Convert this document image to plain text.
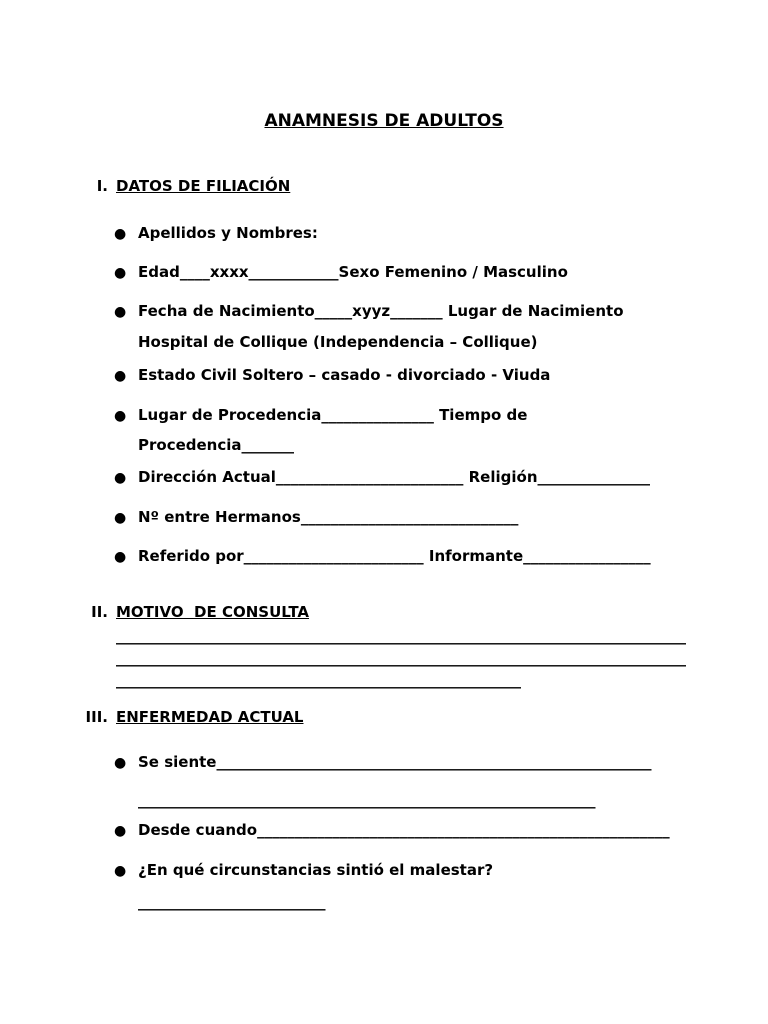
ANAMNESIS DE ADULTOS
I. DATOS DE FILIACIÓN
● Apellidos y Nombres:
● Edad____xxxx____________Sexo Femenino / Masculino
● Fecha de Nacimiento_____xyyz_______ Lugar de Nacimiento
Hospital de Collique (Independencia – Collique)
● Estado Civil Soltero – casado - divorciado - Viuda
● Lugar de Procedencia_______________ Tiempo de
Procedencia_______
● Dirección Actual_________________________ Religión_______________
● Nº entre Hermanos_____________________________
● Referido por________________________ Informante_________________
II. MOTIVO  DE CONSULTA
____________________________________________________________________________
____________________________________________________________________________
______________________________________________________
III. ENFERMEDAD ACTUAL
● Se siente__________________________________________________________
_____________________________________________________________
● Desde cuando_______________________________________________________
● ¿En qué circunstancias sintió el malestar?
_________________________
